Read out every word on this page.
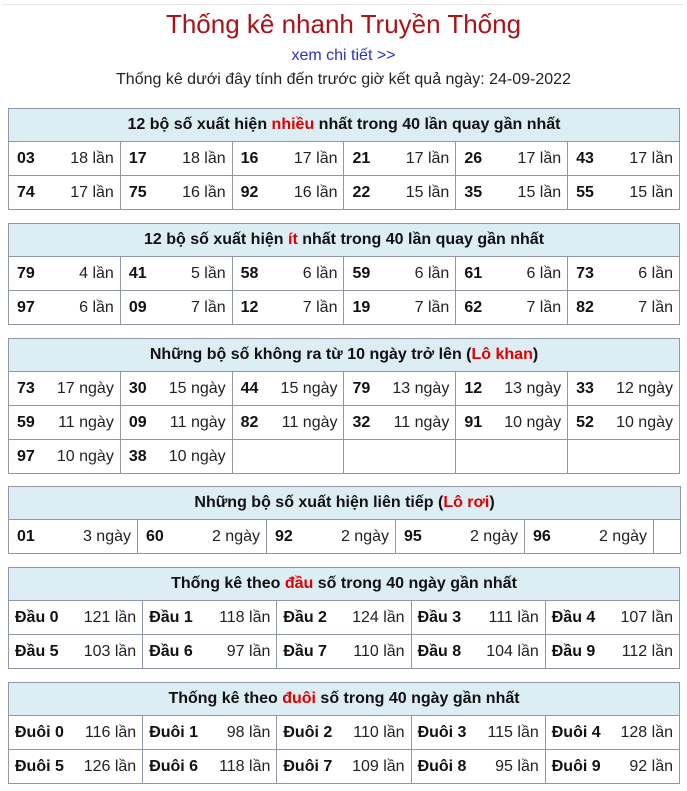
Thống kê nhanh Truyền Thống
xem chi tiết >>
Thống kê dưới đây tính đến trước giờ kết quả ngày: 24-09-2022
12 bộ số xuất hiện nhiều nhất trong 40 lần quay gần nhất					

03 18 lần	17 18 lần	16 17 lần	21 17 lần	26 17 lần	43 17 lần

74 17 lần	75 16 lần	92 16 lần	22 15 lần	35 15 lần	55 15 lần
12 bộ số xuất hiện ít nhất trong 40 lần quay gần nhất					

79 4 lần	41 5 lần	58 6 lần	59 6 lần	61 6 lần	73 6 lần

97 6 lần	09 7 lần	12 7 lần	19 7 lần	62 7 lần	82 7 lần
Những bộ số không ra từ 10 ngày trở lên (Lô khan)					

73 17 ngày	30 15 ngày	44 15 ngày	79 13 ngày	12 13 ngày	33 12 ngày

59 11 ngày	09 11 ngày	82 11 ngày	32 11 ngày	91 10 ngày	52 10 ngày

97 10 ngày	38 10 ngày				

Những bộ số xuất hiện liên tiếp (Lô rơi)

01	3 ngày	60	2 ngày	92	2 ngày	95	2 ngày	96	2 ngày

Thống kê theo đầu số trong 40 ngày gần nhất				

Đầu 0 121 lần	Đầu 1 118 lần	Đầu 2 124 lần	Đầu 3 111 lần	Đầu 4 107 lần

Đầu 5 103 lần	Đầu 6 97 lần	Đầu 7 110 lần	Đầu 8 104 lần	Đầu 9 112 lần
Thống kê theo đuôi số trong 40 ngày gần nhất				

Đuôi 0 116 lần	Đuôi 1 98 lần	Đuôi 2 110 lần	Đuôi 3 115 lần	Đuôi 4 128 lần

Đuôi 5 126 lần	Đuôi 6 118 lần	Đuôi 7 109 lần	Đuôi 8 95 lần	Đuôi 9 92 lần
